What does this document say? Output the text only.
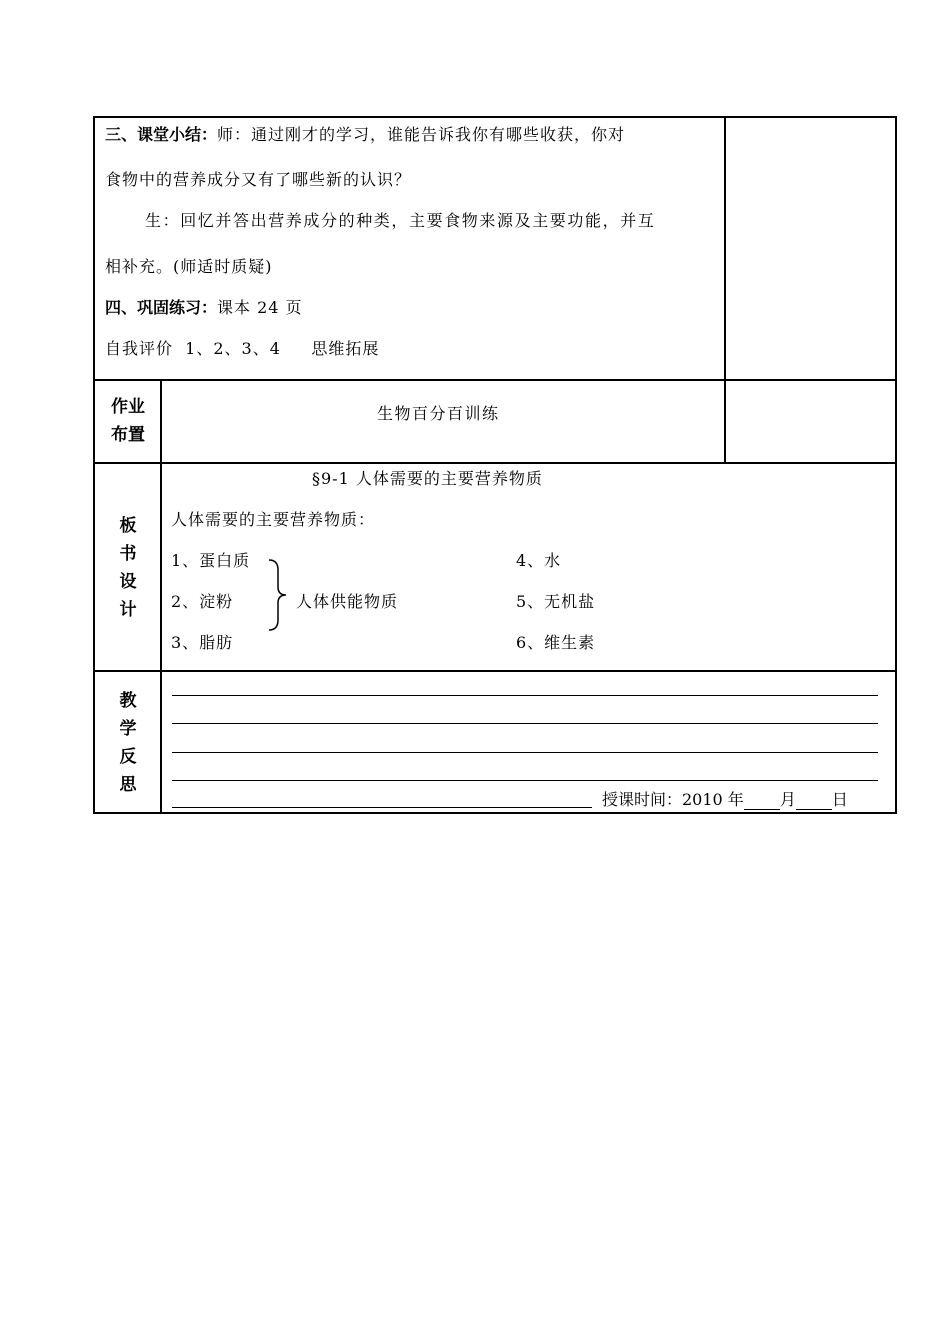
三、课堂小结：师：通过刚才的学习，谁能告诉我你有哪些收获，你对
食物中的营养成分又有了哪些新的认识？
生：回忆并答出营养成分的种类，主要食物来源及主要功能，并互
相补充。(师适时质疑)
四、巩固练习：课本 24 页
自我评价  1、2、3、4     思维拓展
作业
布置
生物百分百训练
板
书
设
计
§9-1 人体需要的主要营养物质
人体需要的主要营养物质：
1、蛋白质
2、淀粉
3、脂肪
人体供能物质
4、水
5、无机盐
6、维生素
教
学
反
思
授课时间：2010 年 月 日
